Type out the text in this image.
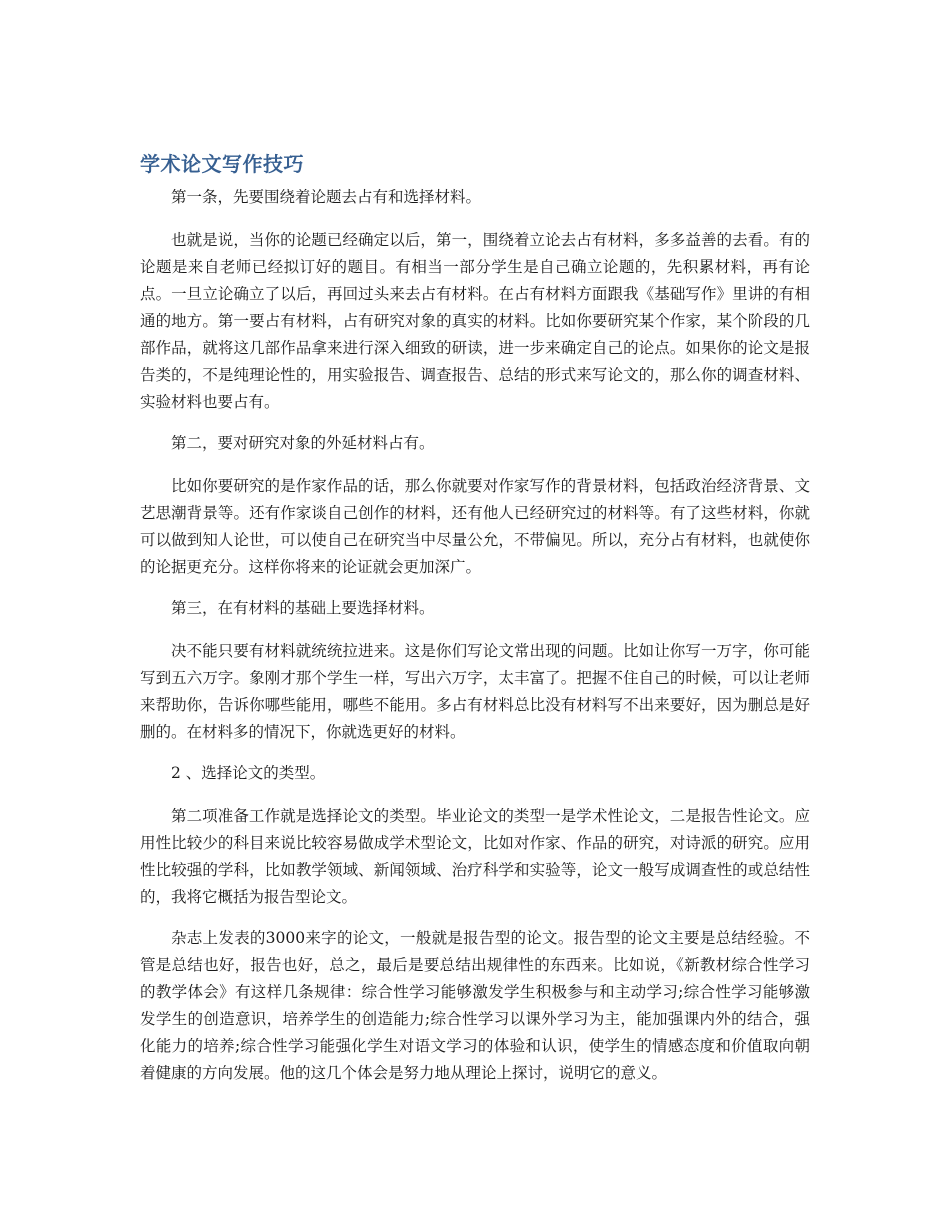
学术论文写作技巧

第一条，先要围绕着论题去占有和选择材料。

也就是说，当你的论题已经确定以后，第一，围绕着立论去占有材料，多多益善的去看。有的论题是来自老师已经拟订好的题目。有相当一部分学生是自己确立论题的，先积累材料，再有论点。一旦立论确立了以后，再回过头来去占有材料。在占有材料方面跟我《基础写作》里讲的有相通的地方。第一要占有材料，占有研究对象的真实的材料。比如你要研究某个作家，某个阶段的几部作品，就将这几部作品拿来进行深入细致的研读，进一步来确定自己的论点。如果你的论文是报告类的，不是纯理论性的，用实验报告、调查报告、总结的形式来写论文的，那么你的调查材料、实验材料也要占有。

第二，要对研究对象的外延材料占有。

比如你要研究的是作家作品的话，那么你就要对作家写作的背景材料，包括政治经济背景、文艺思潮背景等。还有作家谈自己创作的材料，还有他人已经研究过的材料等。有了这些材料，你就可以做到知人论世，可以使自己在研究当中尽量公允，不带偏见。所以，充分占有材料，也就使你的论据更充分。这样你将来的论证就会更加深广。

第三，在有材料的基础上要选择材料。

决不能只要有材料就统统拉进来。这是你们写论文常出现的问题。比如让你写一万字，你可能写到五六万字。象刚才那个学生一样，写出六万字，太丰富了。把握不住自己的时候，可以让老师来帮助你，告诉你哪些能用，哪些不能用。多占有材料总比没有材料写不出来要好，因为删总是好删的。在材料多的情况下，你就选更好的材料。

2 、选择论文的类型。

第二项准备工作就是选择论文的类型。毕业论文的类型一是学术性论文，二是报告性论文。应用性比较少的科目来说比较容易做成学术型论文，比如对作家、作品的研究，对诗派的研究。应用性比较强的学科，比如教学领域、新闻领域、治疗科学和实验等，论文一般写成调查性的或总结性的，我将它概括为报告型论文。

杂志上发表的3000来字的论文，一般就是报告型的论文。报告型的论文主要是总结经验。不管是总结也好，报告也好，总之，最后是要总结出规律性的东西来。比如说，《新教材综合性学习的教学体会》有这样几条规律：综合性学习能够激发学生积极参与和主动学习;综合性学习能够激发学生的创造意识，培养学生的创造能力;综合性学习以课外学习为主，能加强课内外的结合，强化能力的培养;综合性学习能强化学生对语文学习的体验和认识，使学生的情感态度和价值取向朝着健康的方向发展。他的这几个体会是努力地从理论上探讨，说明它的意义。
